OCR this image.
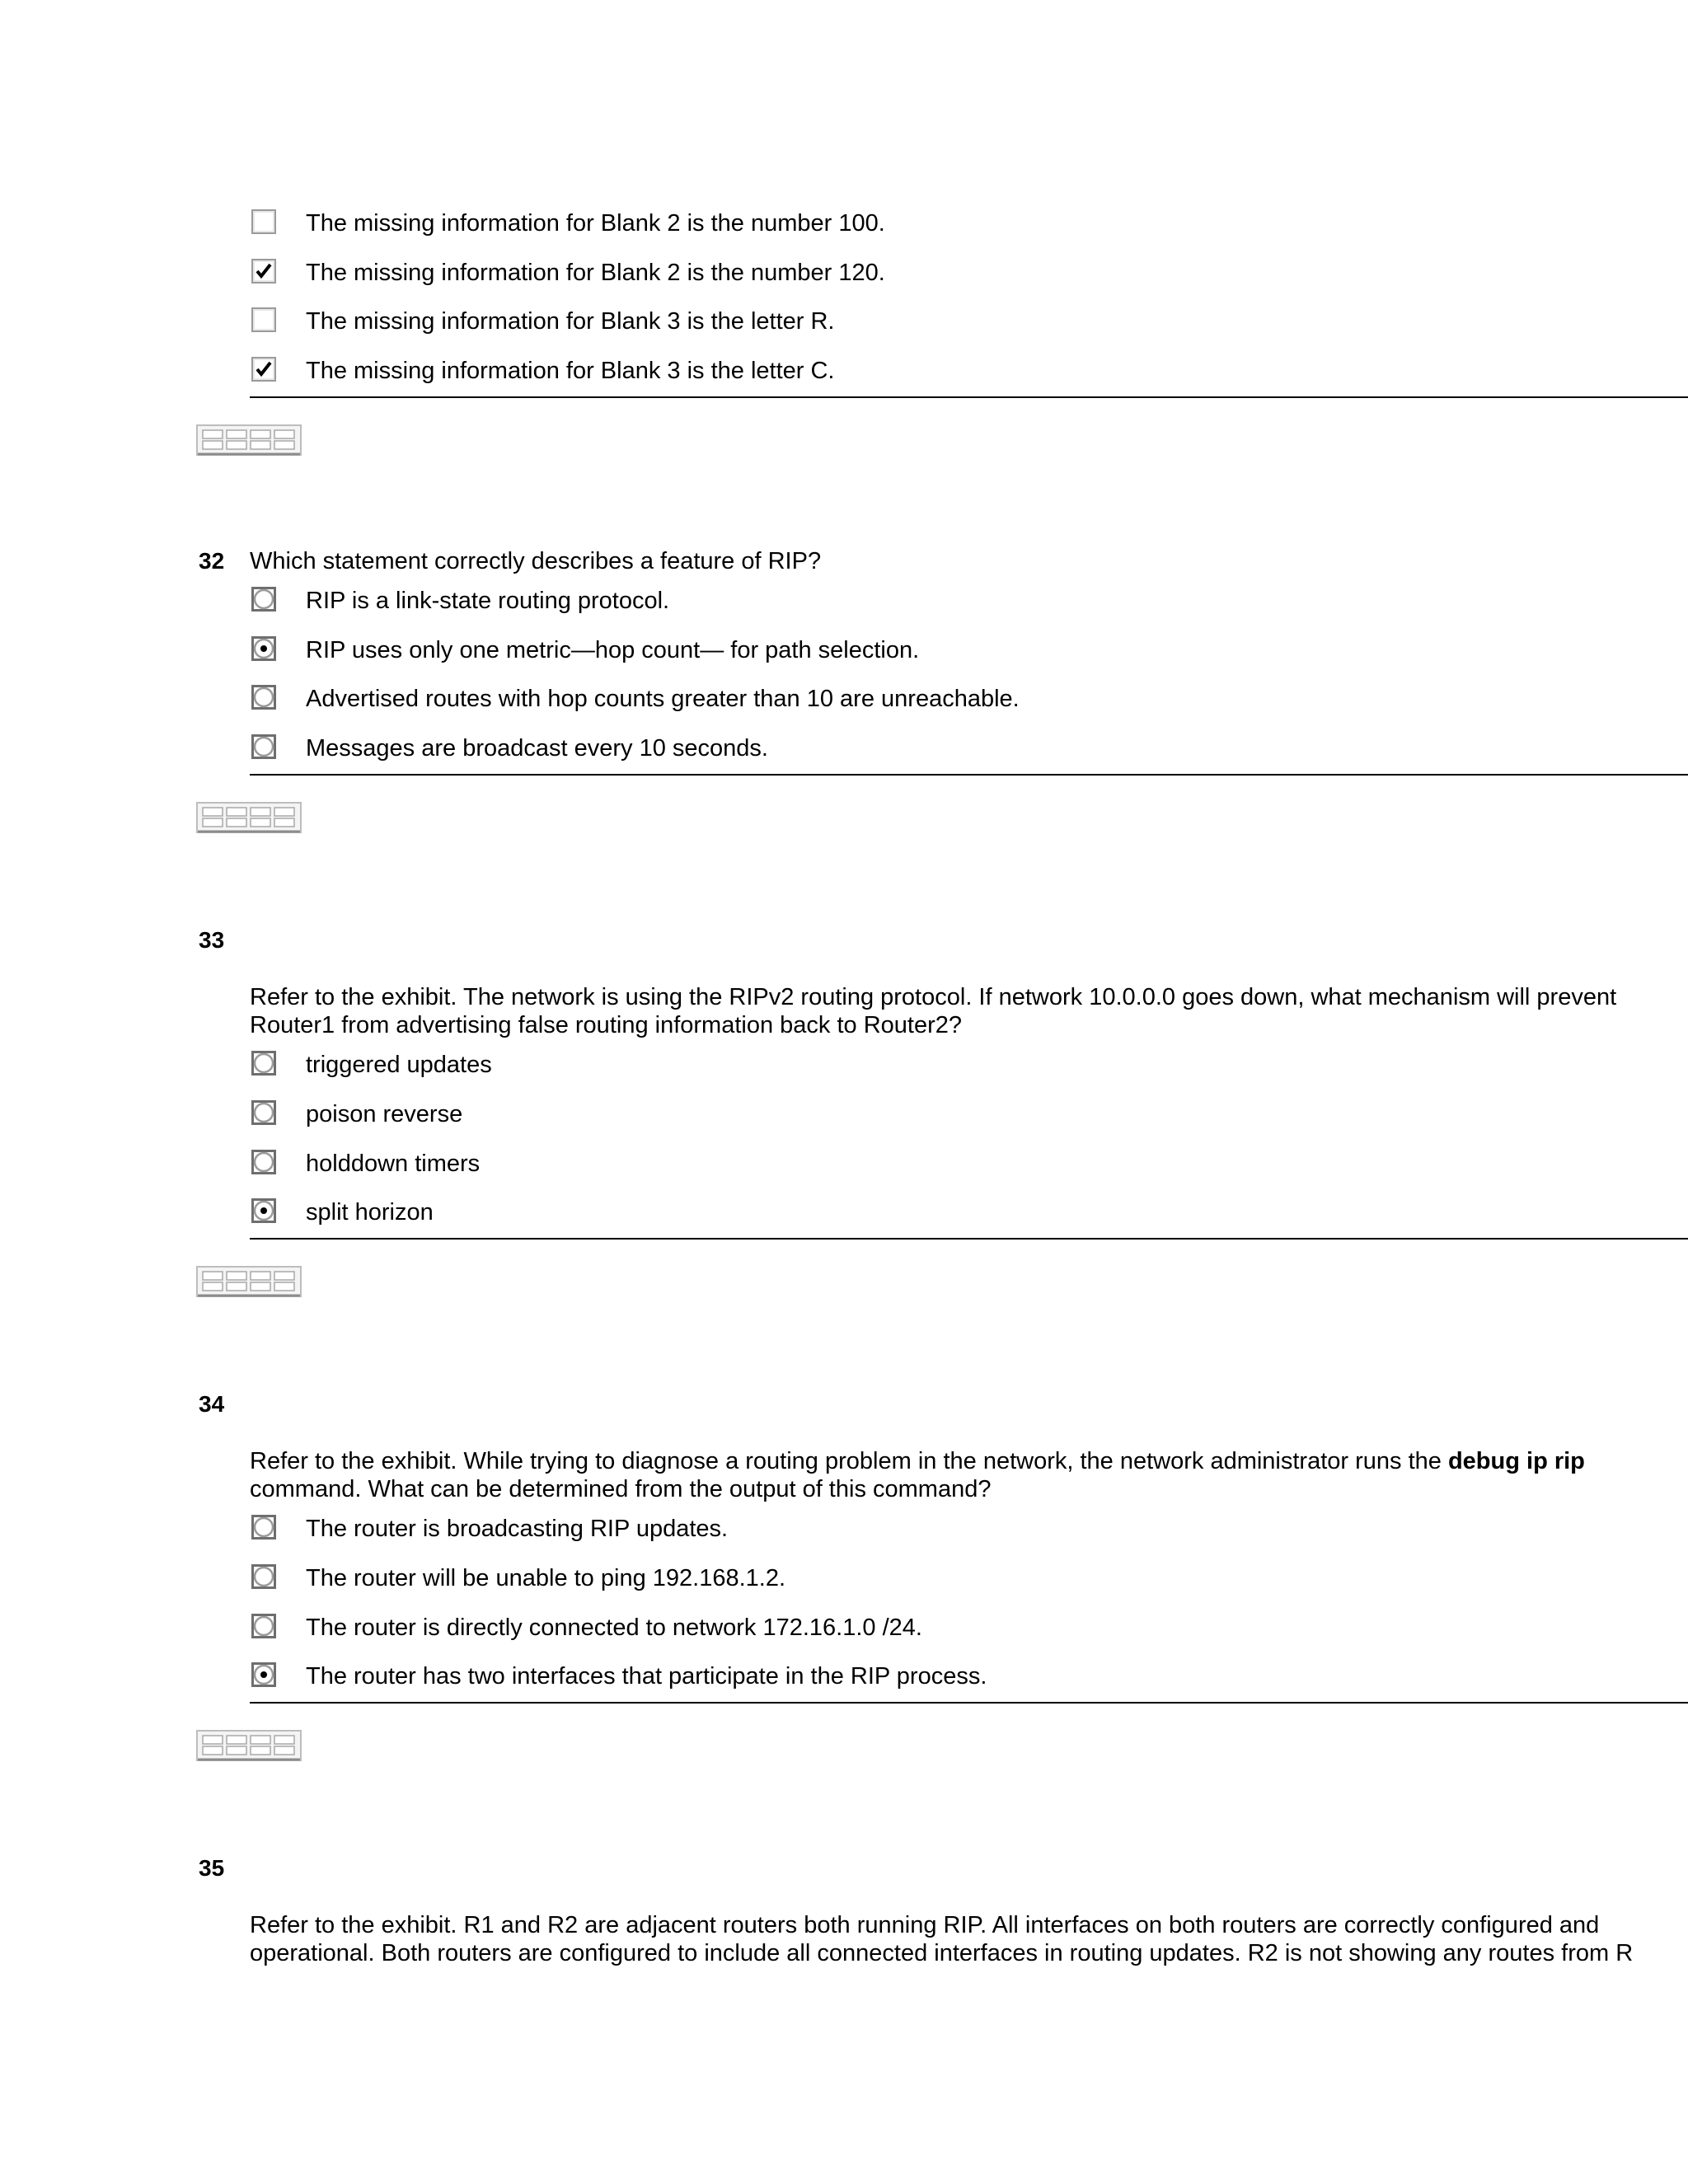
The missing information for Blank 2 is the number 100.
The missing information for Blank 2 is the number 120.
The missing information for Blank 3 is the letter R.
The missing information for Blank 3 is the letter C.
32 Which statement correctly describes a feature of RIP?
RIP is a link-state routing protocol.
RIP uses only one metric—hop count— for path selection.
Advertised routes with hop counts greater than 10 are unreachable.
Messages are broadcast every 10 seconds.
33
Refer to the exhibit. The network is using the RIPv2 routing protocol. If network 10.0.0.0 goes down, what mechanism will prevent Router1 from advertising false routing information back to Router2?
triggered updates
poison reverse
holddown timers
split horizon
34
Refer to the exhibit. While trying to diagnose a routing problem in the network, the network administrator runs the debug ip rip
command. What can be determined from the output of this command?
The router is broadcasting RIP updates.
The router will be unable to ping 192.168.1.2.
The router is directly connected to network 172.16.1.0 /24.
The router has two interfaces that participate in the RIP process.
35
Refer to the exhibit. R1 and R2 are adjacent routers both running RIP. All interfaces on both routers are correctly configured and
operational. Both routers are configured to include all connected interfaces in routing updates. R2 is not showing any routes from R
